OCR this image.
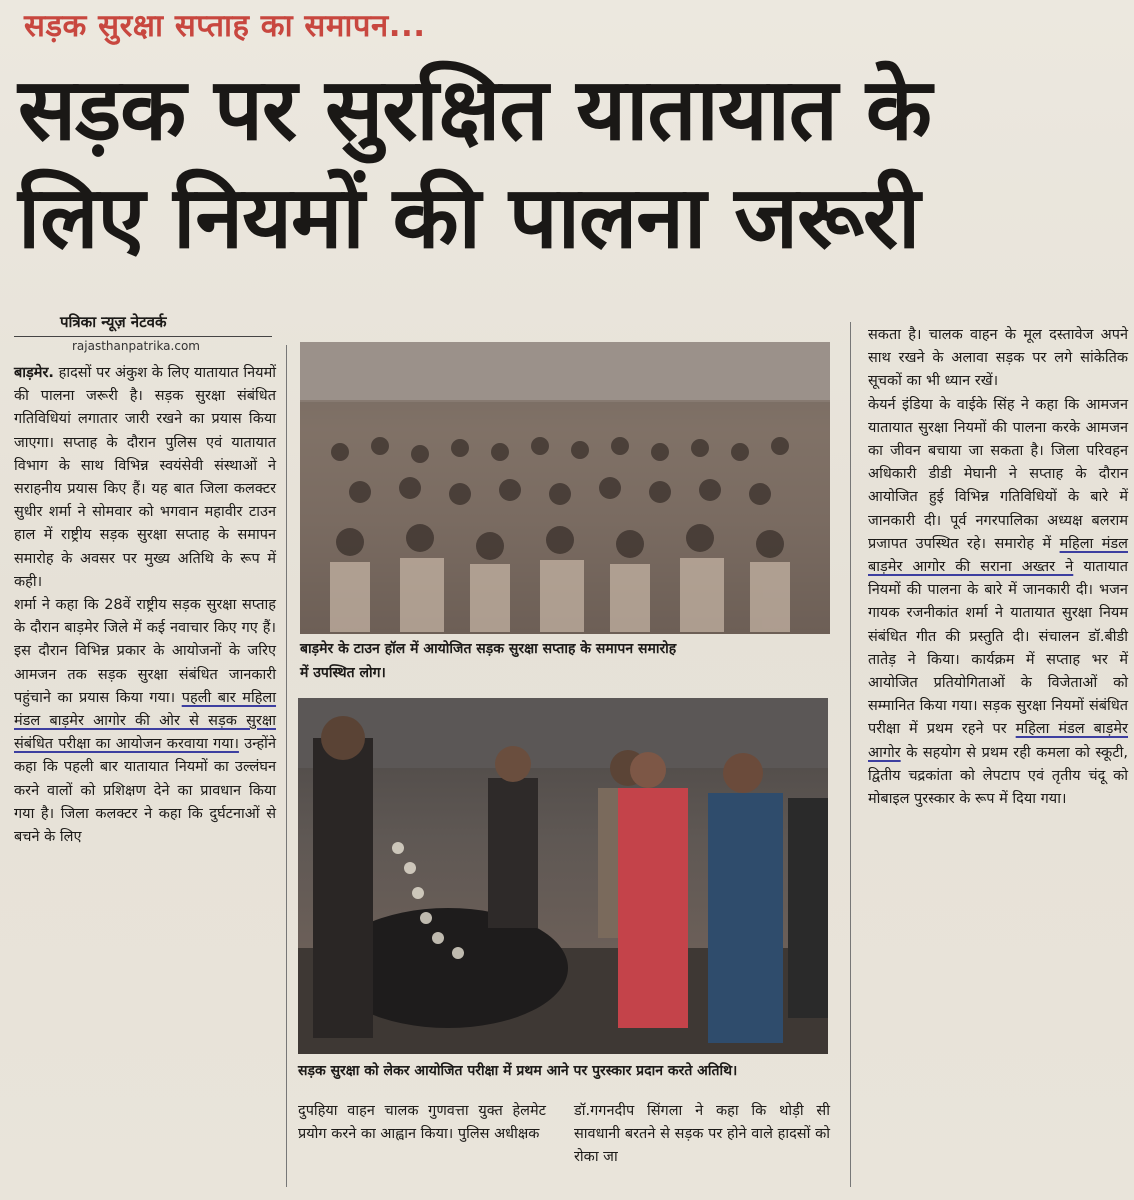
सड़क सुरक्षा सप्ताह का समापन...
सड़क पर सुरक्षित यातायात के
लिए नियमों की पालना जरूरी
पत्रिका न्यूज़ नेटवर्क
rajasthanpatrika.com

बाड़मेर. हादसों पर अंकुश के लिए यातायात नियमों की पालना जरूरी है। सड़क सुरक्षा संबंधित गतिविधियां लगातार जारी रखने का प्रयास किया जाएगा। सप्ताह के दौरान पुलिस एवं यातायात विभाग के साथ विभिन्न स्वयंसेवी संस्थाओं ने सराहनीय प्रयास किए हैं। यह बात जिला कलक्टर सुधीर शर्मा ने सोमवार को भगवान महावीर टाउन हाल में राष्ट्रीय सड़क सुरक्षा सप्ताह के समापन समारोह के अवसर पर मुख्य अतिथि के रूप में कही।

शर्मा ने कहा कि 28वें राष्ट्रीय सड़क सुरक्षा सप्ताह के दौरान बाड़मेर जिले में कई नवाचार किए गए हैं। इस दौरान विभिन्न प्रकार के आयोजनों के जरिए आमजन तक सड़क सुरक्षा संबंधित जानकारी पहुंचाने का प्रयास किया गया। पहली बार महिला मंडल बाड़मेर आगोर की ओर से सड़क सुरक्षा संबंधित परीक्षा का आयोजन करवाया गया। उन्होंने कहा कि पहली बार यातायात नियमों का उल्लंघन करने वालों को प्रशिक्षण देने का प्रावधान किया गया है। जिला कलक्टर ने कहा कि दुर्घटनाओं से बचने के लिए

बाड़मेर के टाउन हॉल में आयोजित सड़क सुरक्षा सप्ताह के समापन समारोह
में उपस्थित लोग।
सड़क सुरक्षा को लेकर आयोजित परीक्षा में प्रथम आने पर पुरस्कार प्रदान करते अतिथि।

दुपहिया वाहन चालक गुणवत्ता युक्त हेलमेट प्रयोग करने का आह्वान किया। पुलिस अधीक्षक

डॉ.गगनदीप सिंगला ने कहा कि थोड़ी सी सावधानी बरतने से सड़क पर होने वाले हादसों को रोका जा

सकता है। चालक वाहन के मूल दस्तावेज अपने साथ रखने के अलावा सड़क पर लगे सांकेतिक सूचकों का भी ध्यान रखें।

केयर्न इंडिया के वाईके सिंह ने कहा कि आमजन यातायात सुरक्षा नियमों की पालना करके आमजन का जीवन बचाया जा सकता है। जिला परिवहन अधिकारी डीडी मेघानी ने सप्ताह के दौरान आयोजित हुई विभिन्न गतिविधियों के बारे में जानकारी दी। पूर्व नगरपालिका अध्यक्ष बलराम प्रजापत उपस्थित रहे। समारोह में महिला मंडल बाड़मेर आगोर की सराना अख्तर ने यातायात नियमों की पालना के बारे में जानकारी दी। भजन गायक रजनीकांत शर्मा ने यातायात सुरक्षा नियम संबंधित गीत की प्रस्तुति दी। संचालन डॉ.बीडी तातेड़ ने किया। कार्यक्रम में सप्ताह भर में आयोजित प्रतियोगिताओं के विजेताओं को सम्मानित किया गया। सड़क सुरक्षा नियमों संबंधित परीक्षा में प्रथम रहने पर महिला मंडल बाड़मेर आगोर के सहयोग से प्रथम रही कमला को स्कूटी, द्वितीय चद्रकांता को लेपटाप एवं तृतीय चंदू को मोबाइल पुरस्कार के रूप में दिया गया।
